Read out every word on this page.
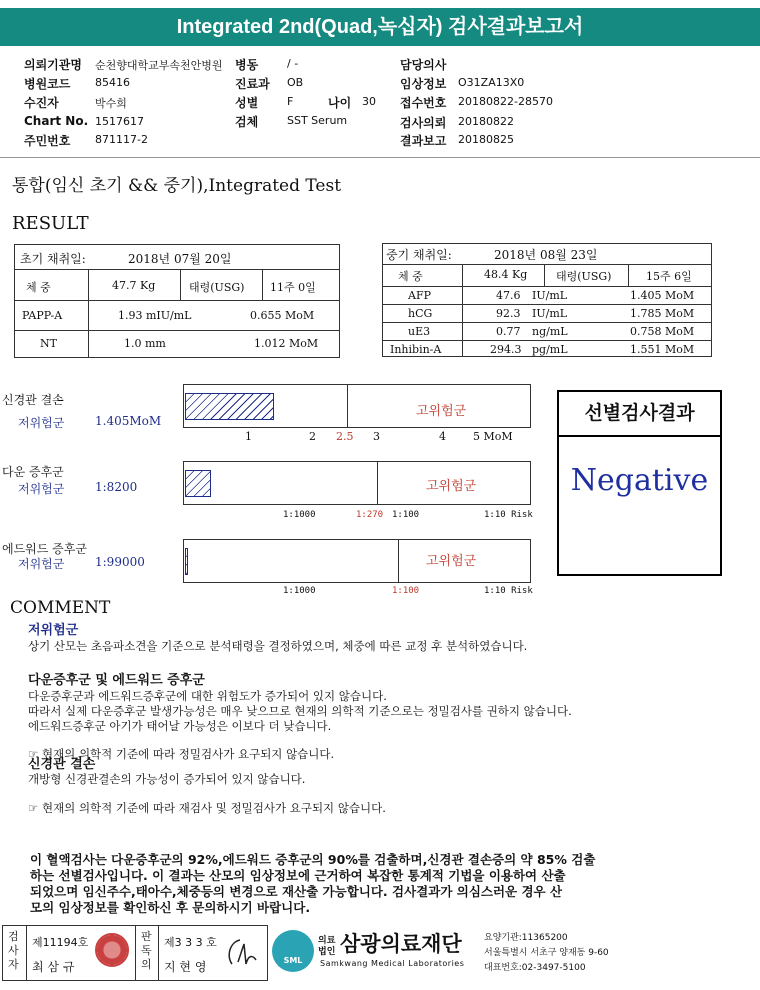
Integrated 2nd(Quad,녹십자) 검사결과보고서
의뢰기관명 순천향대학교부속천안병원 병동	/ -	담당의사
병원코드 85416	진료과 OB	임상정보 O31ZA13X0
수진자	박수희	성별	F	나이 30 접수번호 20180822-28570
Chart No. 1517617	검체	SST Serum	검사의뢰 20180822
주민번호 871117-2	결과보고 20180825
통합(임신 초기 && 중기),Integrated Test
RESULT
초기 채취일:	2018년 07월 20일
체 중	47.7 Kg	태령(USG) 11주 0일
PAPP-A	1.93 mIU/mL	0.655 MoM
NT	1.0 mm	1.012 MoM
중기 채취일:	2018년 08월 23일
체 중	48.4 Kg	태령(USG)	15주 6일
AFP	47.6 IU/mL	1.405 MoM
hCG	92.3 IU/mL	1.785 MoM
uE3	0.77 ng/mL	0.758 MoM
Inhibin-A	294.3 pg/mL	1.551 MoM
신경관 결손
저위험군	1.405MoM
고위험군
1	2 2.5 3	4 5 MoM
다운 증후군
저위험군	1:8200	고위험군
1:1000	1:270 1:100	1:10 Risk
에드워드 증후군
저위험군	1:99000	고위험군
1:1000	1:100	1:10 Risk
선별검사결과
Negative
COMMENT
저위험군
상기 산모는 초음파소견을 기준으로 분석태령을 결정하였으며, 체중에 따른 교정 후 분석하였습니다.
다운증후군 및 에드워드 증후군
다운증후군과 에드워드증후군에 대한 위험도가 증가되어 있지 않습니다.
따라서 실제 다운증후군 발생가능성은 매우 낮으므로 현재의 의학적 기준으로는 정밀검사를 권하지 않습니다.
에드워드증후군 아기가 태어날 가능성은 이보다 더 낮습니다.
☞ 현재의 의학적 기준에 따라 정밀검사가 요구되지 않습니다.
신경관 결손
개방형 신경관결손의 가능성이 증가되어 있지 않습니다.
☞ 현재의 의학적 기준에 따라 재검사 및 정밀검사가 요구되지 않습니다.
이 혈액검사는 다운증후군의 92%,에드워드 증후군의 90%를 검출하며,신경관 결손증의 약 85% 검출
하는 선별검사입니다. 이 결과는 산모의 임상정보에 근거하여 복잡한 통계적 기법을 이용하여 산출
되었으며 임신주수,태아수,체중등의 변경으로 재산출 가능합니다. 검사결과가 의심스러운 경우 산
모의 임상정보를 확인하신 후 문의하시기 바랍니다.
검사자
제11194호
최 삼 규
판독의
제3 3 3 호
지 현 영	SML
의료
법인 삼광의료재단
Samkwang Medical Laboratories
요양기관:11365200
서울특별시 서초구 양재동 9-60
대표번호:02-3497-5100
